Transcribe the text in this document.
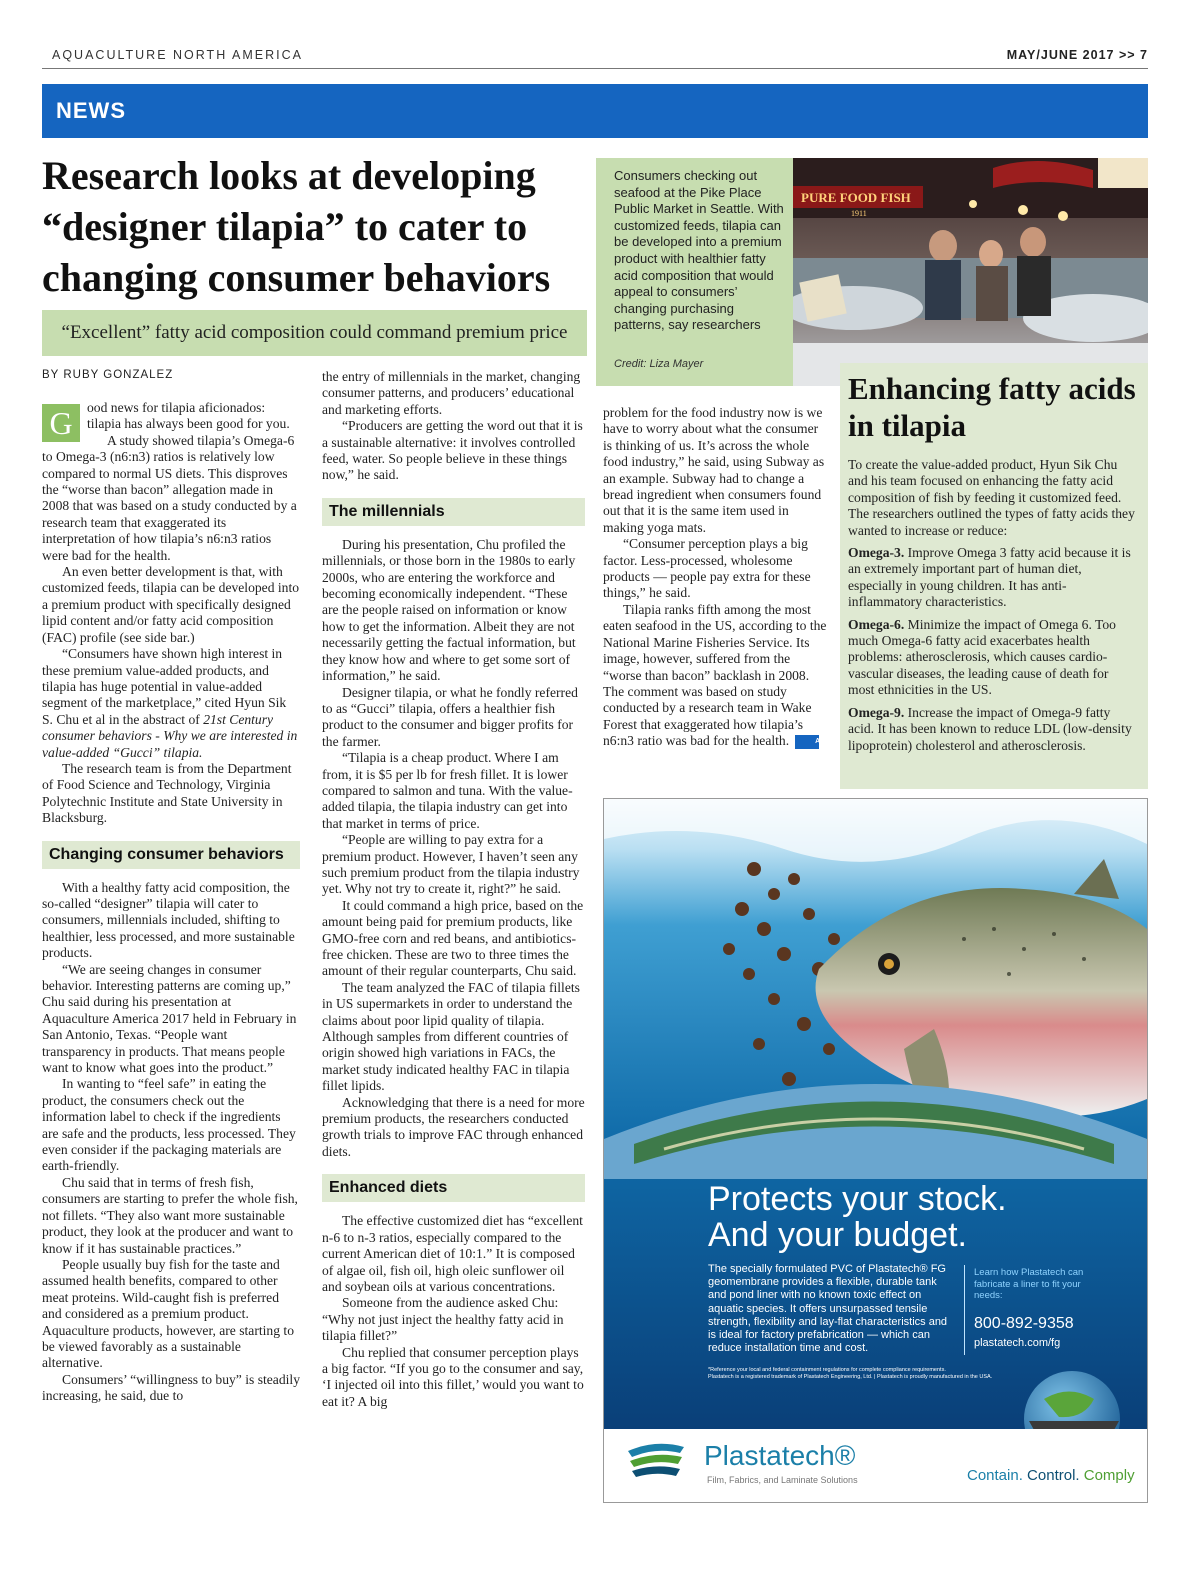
AQUACULTURE NORTH AMERICA	MAY/JUNE 2017 >> 7
NEWS
Research looks at developing “designer tilapia” to cater to changing consumer behaviors
“Excellent” fatty acid composition could command premium price
BY RUBY GONZALEZ

G	ood news for tilapia aficionados: tilapia has always been good for you.

A study showed tilapia’s Omega-6 to Omega-3 (n6:n3) ratios is relatively low compared to normal US diets. This disproves the “worse than bacon” allegation made in 2008 that was based on a study conducted by a research team that exaggerated its interpretation of how tilapia’s n6:n3 ratios were bad for the health.

An even better development is that, with customized feeds, tilapia can be developed into a premium product with specifically designed lipid content and/or fatty acid composition (FAC) profile (see side bar.)

“Consumers have shown high interest in these premium value-added products, and tilapia has huge potential in value-added segment of the marketplace,” cited Hyun Sik S. Chu et al in the abstract of 21st Century consumer behaviors - Why we are interested in value-added “Gucci” tilapia.

The research team is from the Department of Food Science and Technology, Virginia Polytechnic Institute and State University in Blacksburg.

Changing consumer behaviors

With a healthy fatty acid composition, the so-called “designer” tilapia will cater to consumers, millennials included, shifting to healthier, less processed, and more sustainable products.

“We are seeing changes in consumer behavior. Interesting patterns are coming up,” Chu said during his presentation at Aquaculture America 2017 held in February in San Antonio, Texas. “People want transparency in products. That means people want to know what goes into the product.”

In wanting to “feel safe” in eating the product, the consumers check out the information label to check if the ingredients are safe and the products, less processed. They even consider if the packaging materials are earth-friendly.

Chu said that in terms of fresh fish, consumers are starting to prefer the whole fish, not fillets. “They also want more sustainable product, they look at the producer and want to know if it has sustainable practices.”

People usually buy fish for the taste and assumed health benefits, compared to other meat proteins. Wild-caught fish is preferred and considered as a premium product. Aquaculture products, however, are starting to be viewed favorably as a sustainable alternative.

Consumers’ “willingness to buy” is steadily increasing, he said, due to

the entry of millennials in the market, changing consumer patterns, and producers’ educational and marketing efforts.

“Producers are getting the word out that it is a sustainable alternative: it involves controlled feed, water. So people believe in these things now,” he said.

The millennials

During his presentation, Chu profiled the millennials, or those born in the 1980s to early 2000s, who are entering the workforce and becoming economically independent. “These are the people raised on information or know how to get the information. Albeit they are not necessarily getting the factual information, but they know how and where to get some sort of information,” he said.

Designer tilapia, or what he fondly referred to as “Gucci” tilapia, offers a healthier fish product to the consumer and bigger profits for the farmer.

“Tilapia is a cheap product. Where I am from, it is $5 per lb for fresh fillet. It is lower compared to salmon and tuna. With the value-added tilapia, the tilapia industry can get into that market in terms of price.

“People are willing to pay extra for a premium product. However, I haven’t seen any such premium product from the tilapia industry yet. Why not try to create it, right?” he said.

It could command a high price, based on the amount being paid for premium products, like GMO-free corn and red beans, and antibiotics-free chicken. These are two to three times the amount of their regular counterparts, Chu said.

The team analyzed the FAC of tilapia fillets in US supermarkets in order to understand the claims about poor lipid quality of tilapia. Although samples from different countries of origin showed high variations in FACs, the market study indicated healthy FAC in tilapia fillet lipids.

Acknowledging that there is a need for more premium products, the researchers conducted growth trials to improve FAC through enhanced diets.

Enhanced diets

The effective customized diet has “excellent n-6 to n-3 ratios, especially compared to the current American diet of 10:1.” It is composed of algae oil, fish oil, high oleic sunflower oil and soybean oils at various concentrations.

Someone from the audience asked Chu: “Why not just inject the healthy fatty acid in tilapia fillet?”

Chu replied that consumer perception plays a big factor. “If you go to the consumer and say, ‘I injected oil into this fillet,’ would you want to eat it? A big

problem for the food industry now is we have to worry about what the consumer is thinking of us. It’s across the whole food industry,” he said, using Subway as an example. Subway had to change a bread ingredient when consumers found out that it is the same item used in making yoga mats.

“Consumer perception plays a big factor. Less-processed, wholesome products — people pay extra for these things,” he said.

Tilapia ranks fifth among the most eaten seafood in the US, according to the National Marine Fisheries Service. Its image, however, suffered from the “worse than bacon” backlash in 2008. The comment was based on study conducted by a research team in Wake Forest that exaggerated how tilapia’s n6:n3 ratio was bad for the health.	ANA

Consumers checking out seafood at the Pike Place Public Market in Seattle. With customized feeds, tilapia can be developed into a premium product with healthier fatty acid composition that would appeal to consumers’ changing purchasing patterns, say researchers
Credit: Liza Mayer
PURE FOOD FISH
1911
Enhancing fatty acids in tilapia

To create the value-added product, Hyun Sik Chu and his team focused on enhancing the fatty acid composition of fish by feeding it customized feed. The researchers outlined the types of fatty acids they wanted to increase or reduce:

Omega-3. Improve Omega 3 fatty acid because it is an extremely important part of human diet, especially in young children. It has anti-inflammatory characteristics.

Omega-6. Minimize the impact of Omega 6. Too much Omega-6 fatty acid exacerbates health problems: atherosclerosis, which causes cardio-vascular diseases, the leading cause of death for most ethnicities in the US.

Omega-9. Increase the impact of Omega-9 fatty acid. It has been known to reduce LDL (low-density lipoprotein) cholesterol and atherosclerosis.

Protects your stock.
And your budget.
The specially formulated PVC of Plastatech® FG geomembrane provides a flexible, durable tank and pond liner with no known toxic effect on aquatic species. It offers unsurpassed tensile strength, flexibility and lay-flat characteristics and is ideal for factory prefabrication — which can reduce installation time and cost.
Learn how Plastatech can fabricate a liner to fit your needs:
800-892-9358
plastatech.com/fg
*Reference your local and federal containment regulations for complete compliance requirements.
Plastatech is a registered trademark of Plastatech Engineering, Ltd. | Plastatech is proudly manufactured in the USA.
Plastatech®
Film, Fabrics, and Laminate Solutions	Contain. Control. Comply
